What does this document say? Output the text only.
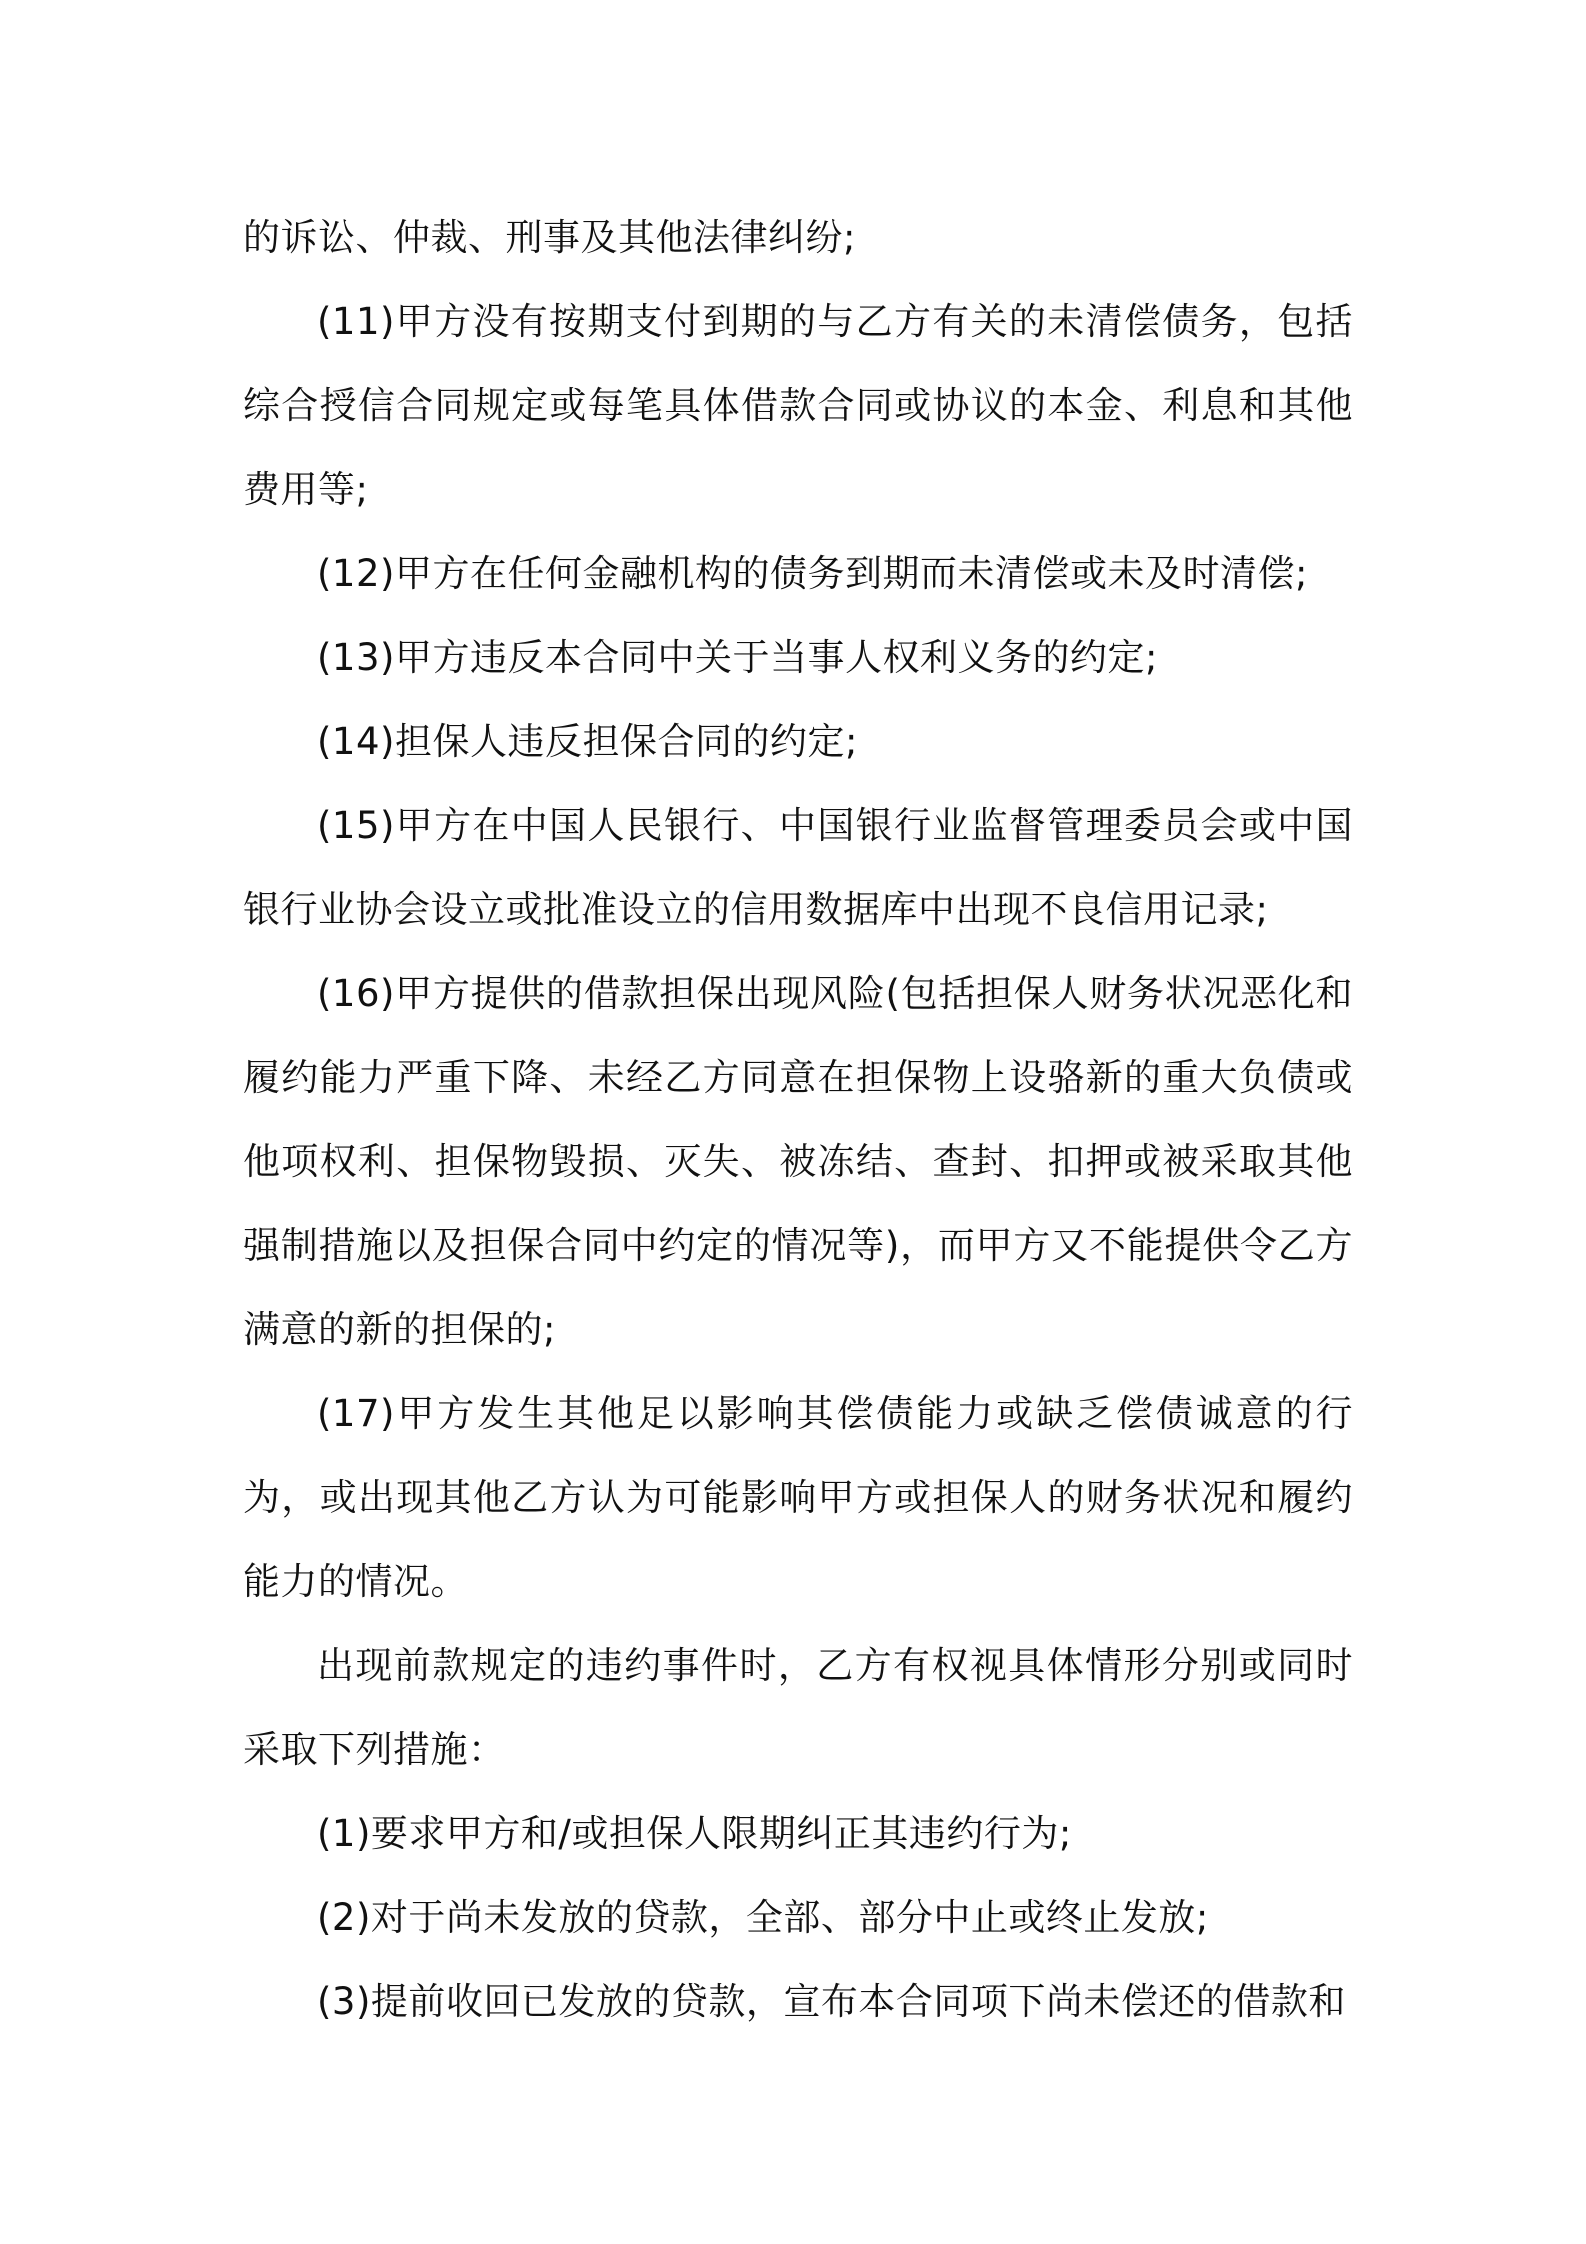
的诉讼、仲裁、刑事及其他法律纠纷;

(11)甲方没有按期支付到期的与乙方有关的未清偿债务，包括综合授信合同规定或每笔具体借款合同或协议的本金、利息和其他费用等;

(12)甲方在任何金融机构的债务到期而未清偿或未及时清偿;

(13)甲方违反本合同中关于当事人权利义务的约定;

(14)担保人违反担保合同的约定;

(15)甲方在中国人民银行、中国银行业监督管理委员会或中国银行业协会设立或批准设立的信用数据库中出现不良信用记录;

(16)甲方提供的借款担保出现风险(包括担保人财务状况恶化和履约能力严重下降、未经乙方同意在担保物上设骆新的重大负债或他项权利、担保物毁损、灭失、被冻结、查封、扣押或被采取其他强制措施以及担保合同中约定的情况等)，而甲方又不能提供令乙方满意的新的担保的;

(17)甲方发生其他足以影响其偿债能力或缺乏偿债诚意的行为，或出现其他乙方认为可能影响甲方或担保人的财务状况和履约能力的情况。

出现前款规定的违约事件时，乙方有权视具体情形分别或同时采取下列措施：

(1)要求甲方和/或担保人限期纠正其违约行为;

(2)对于尚未发放的贷款，全部、部分中止或终止发放;

(3)提前收回已发放的贷款，宣布本合同项下尚未偿还的借款和
